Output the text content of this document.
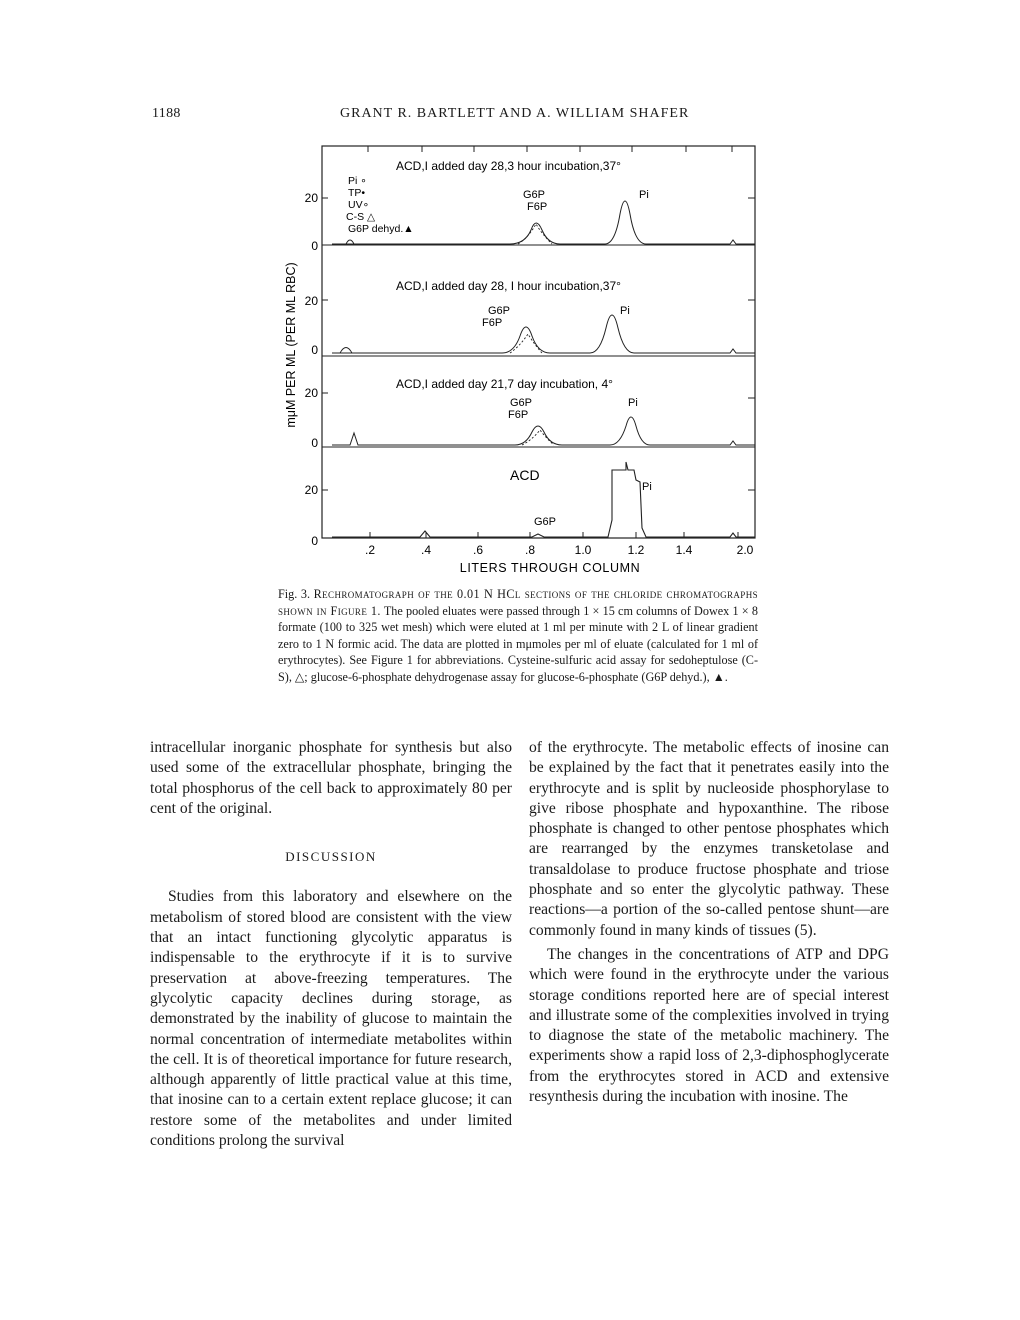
1188	GRANT R. BARTLETT AND A. WILLIAM SHAFER
mμM PER ML (PER ML RBC)
20
0
20
0
20
0
20
0
.2	.4	.6	.8	1.0	1.2	1.4	2.0
LITERS THROUGH COLUMN
ACD,I added day 28,3 hour incubation,37°
Pi ∘
TP•
UV∘
C-S △
G6P dehyd.▲
G6P
F6P
Pi
ACD,I added day 28, I hour incubation,37°
G6P
F6P
Pi
ACD,I added day 21,7 day incubation, 4°
G6P
F6P
Pi
ACD
G6P
Pi
Fig. 3. Rechromatograph of the 0.01 N HCl sections of the chloride chromatographs shown in Figure 1. The pooled eluates were passed through 1 × 15 cm columns of Dowex 1 × 8 formate (100 to 325 wet mesh) which were eluted at 1 ml per minute with 2 L of linear gradient zero to 1 N formic acid. The data are plotted in mμmoles per ml of eluate (calculated for 1 ml of erythrocytes). See Figure 1 for abbreviations. Cysteine-sulfuric acid assay for sedoheptulose (C-S), △; glucose-6-phosphate dehydrogenase assay for glucose-6-phosphate (G6P dehyd.), ▲.

intracellular inorganic phosphate for synthesis but also used some of the extracellular phosphate, bringing the total phosphorus of the cell back to approximately 80 per cent of the original.

DISCUSSION

Studies from this laboratory and elsewhere on the metabolism of stored blood are consistent with the view that an intact functioning glycolytic apparatus is indispensable to the erythrocyte if it is to survive preservation at above-freezing temperatures. The glycolytic capacity declines during storage, as demonstrated by the inability of glucose to maintain the normal concentration of intermediate metabolites within the cell. It is of theoretical importance for future research, although apparently of little practical value at this time, that inosine can to a certain extent replace glucose; it can restore some of the metabolites and under limited conditions prolong the survival

of the erythrocyte. The metabolic effects of inosine can be explained by the fact that it penetrates easily into the erythrocyte and is split by nucleoside phosphorylase to give ribose phosphate and hypoxanthine. The ribose phosphate is changed to other pentose phosphates which are rearranged by the enzymes transketolase and transaldolase to produce fructose phosphate and triose phosphate and so enter the glycolytic pathway. These reactions—a portion of the so-called pentose shunt—are commonly found in many kinds of tissues (5).

The changes in the concentrations of ATP and DPG which were found in the erythrocyte under the various storage conditions reported here are of special interest and illustrate some of the complexities involved in trying to diagnose the state of the metabolic machinery. The experiments show a rapid loss of 2,3-diphosphoglycerate from the erythrocytes stored in ACD and extensive resynthesis during the incubation with inosine. The
